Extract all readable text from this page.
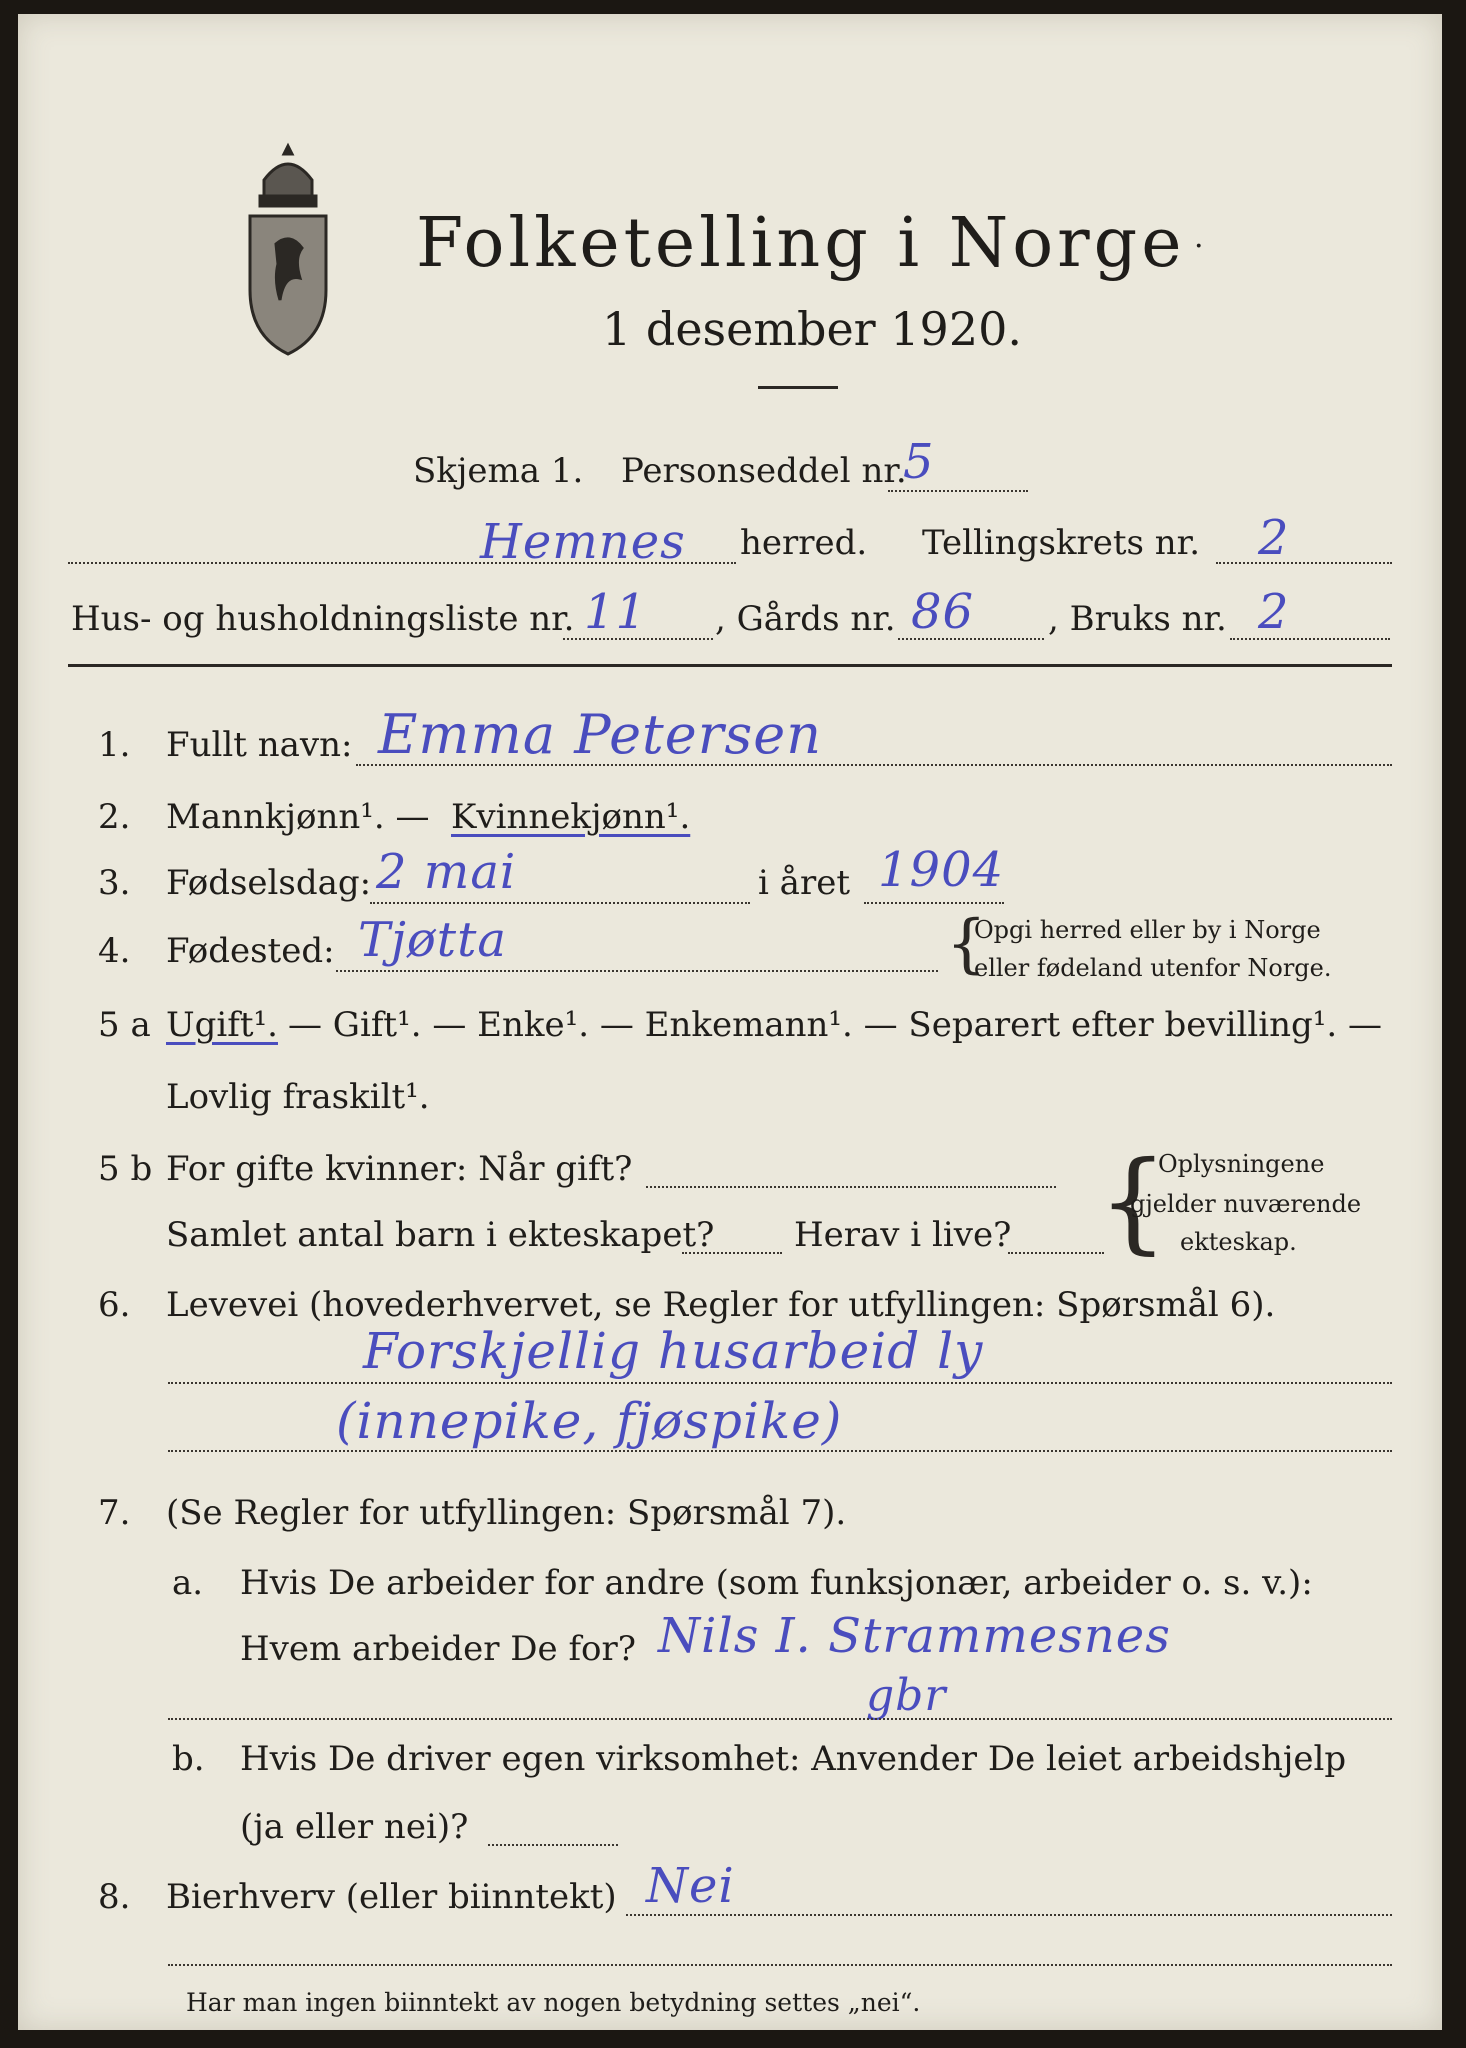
Folketelling i Norge ·
1 desember 1920.
Skjema 1. Personseddel nr.
5
Hemnes herred. Tellingskrets nr. 2
Hus- og husholdningsliste nr. 11 , Gårds nr. 86 , Bruks nr. 2
1. Fullt navn: Emma Petersen
2. Mannkjønn¹. — Kvinnekjønn¹.
3. Fødselsdag: 2 mai	i året 1904
4. Fødested: Tjøtta	{
Opgi herred eller by i Norge
eller fødeland utenfor Norge.
5 a Ugift¹. — Gift¹. — Enke¹. — Enkemann¹. — Separert efter bevilling¹. —
Lovlig fraskilt¹.
5 b For gifte kvinner: Når gift?
Samlet antal barn i ekteskapet? Herav i live? {
Oplysningene
gjelder nuværende
ekteskap.
6. Levevei (hovederhvervet, se Regler for utfyllingen: Spørsmål 6).
Forskjellig husarbeid ly
(innepike, fjøspike)
7. (Se Regler for utfyllingen: Spørsmål 7).
a. Hvis De arbeider for andre (som funksjonær, arbeider o. s. v.):
Hvem arbeider De for? Nils I. Strammesnes
gbr
b. Hvis De driver egen virksomhet: Anvender De leiet arbeidshjelp
(ja eller nei)?
8. Bierhverv (eller biinntekt) Nei
Har man ingen biinntekt av nogen betydning settes „nei“.
